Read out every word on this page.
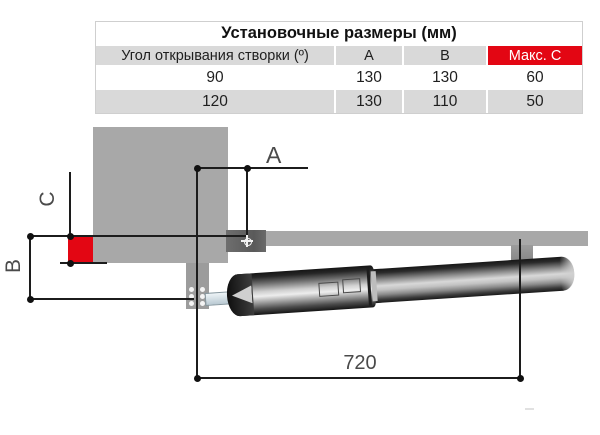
Установочные размеры (мм)
Угол открывания створки (º)	A	B	Макс. C
90	130	130	60
120	130	110	50
A
C
B
720
